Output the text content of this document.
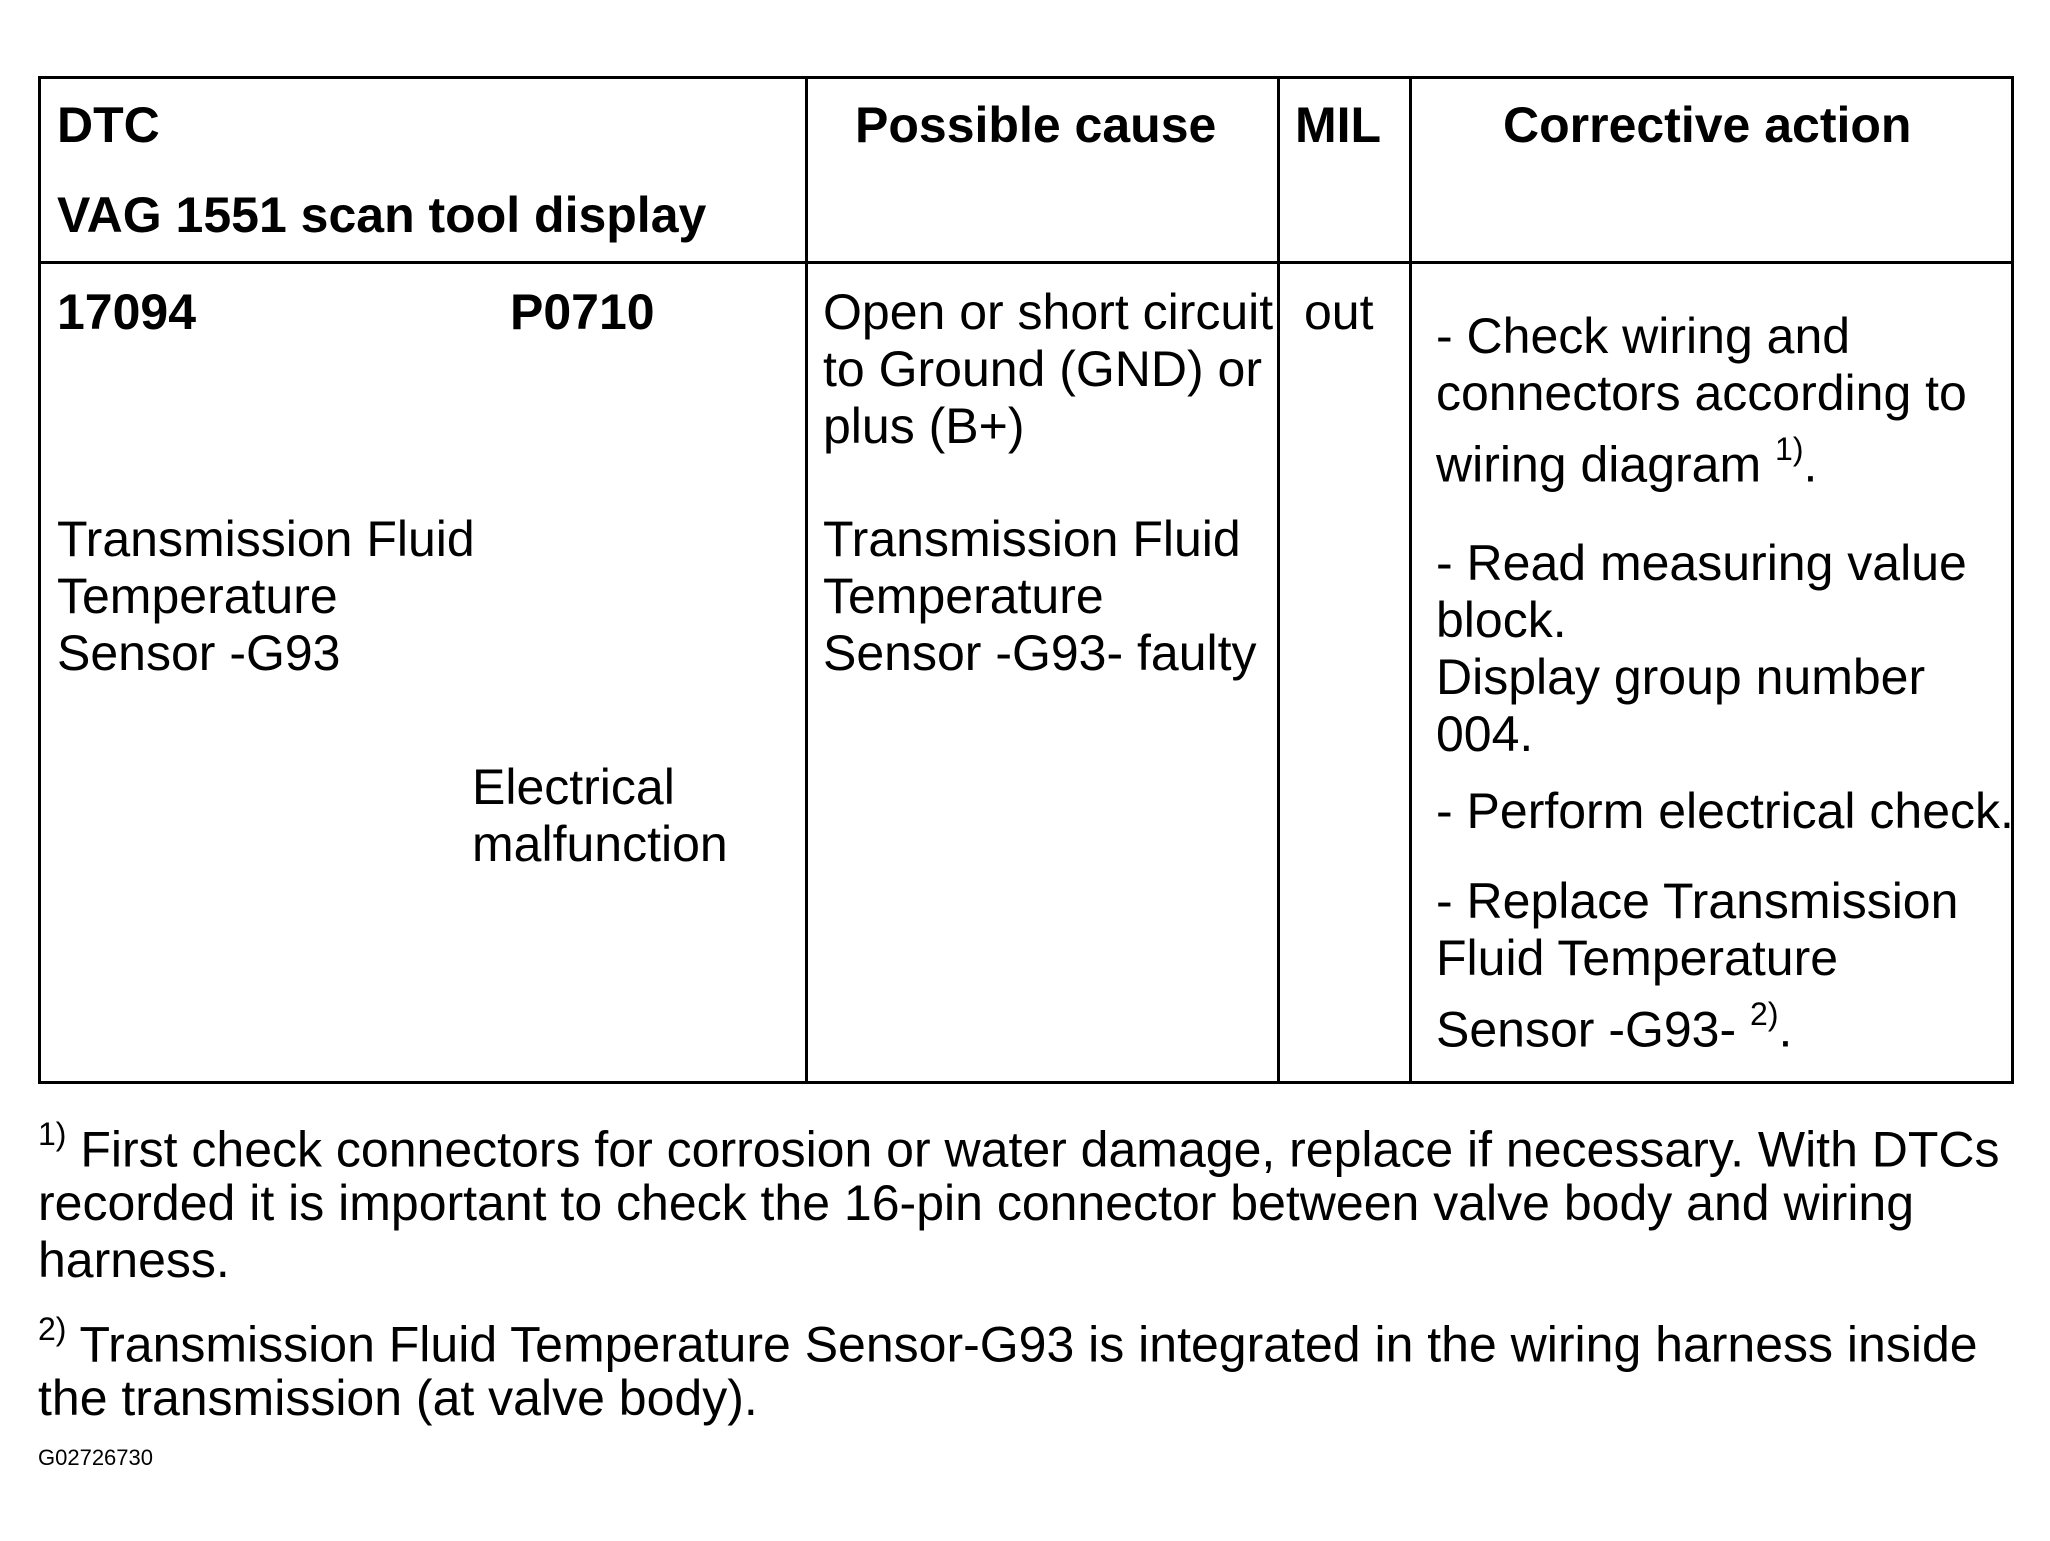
DTC
VAG 1551 scan tool display
Possible cause MIL Corrective action
17094	P0710
Transmission Fluid
Temperature
Sensor -G93
Electrical
malfunction
Open or short circuit
to Ground (GND) or
plus (B+)
Transmission Fluid
Temperature
Sensor -G93- faulty
out - Check wiring and
connectors according to
wiring diagram $^{1)}$.
- Read measuring value
block.
Display group number
004.
- Perform electrical check.
- Replace Transmission
Fluid Temperature
Sensor -G93- $^{2)}$.
$^{1)}$ First check connectors for corrosion or water damage, replace if necessary. With DTCs
recorded it is important to check the 16-pin connector between valve body and wiring
harness.
$^{2)}$ Transmission Fluid Temperature Sensor-G93 is integrated in the wiring harness inside
the transmission (at valve body).
G02726730
